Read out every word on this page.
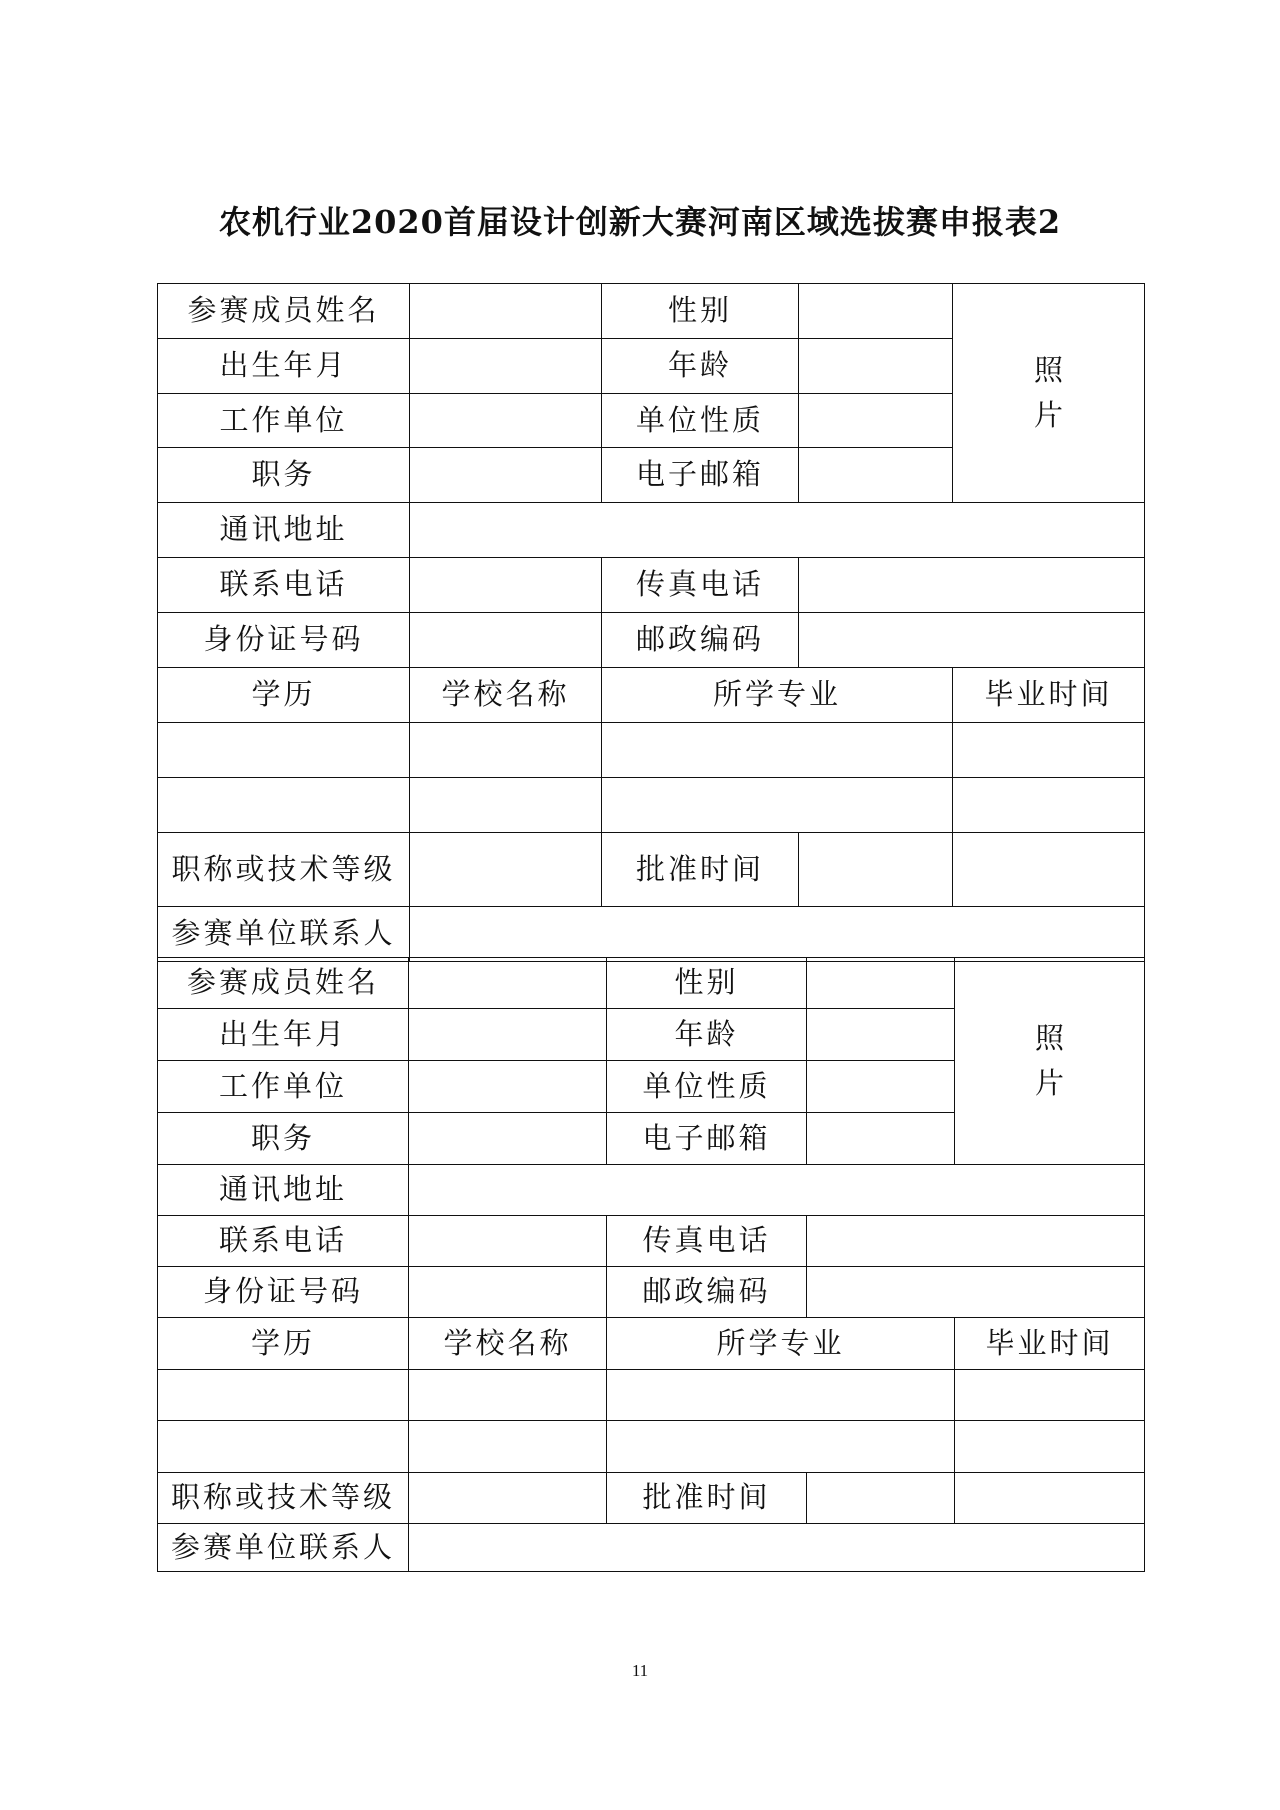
农机行业2020首届设计创新大赛河南区域选拔赛申报表2
参赛成员姓名		性别		照
片
出生年月		年龄		
工作单位		单位性质		
职务		电子邮箱		
通讯地址				
联系电话		传真电话		
身份证号码		邮政编码		
学历	学校名称	所学专业		毕业时间

职称或技术等级		批准时间		
参赛单位联系人				
参赛成员姓名		性别		照
片
出生年月		年龄		
工作单位		单位性质		
职务		电子邮箱		
通讯地址				
联系电话		传真电话		
身份证号码		邮政编码		
学历	学校名称	所学专业		毕业时间

职称或技术等级		批准时间		
参赛单位联系人				
11
